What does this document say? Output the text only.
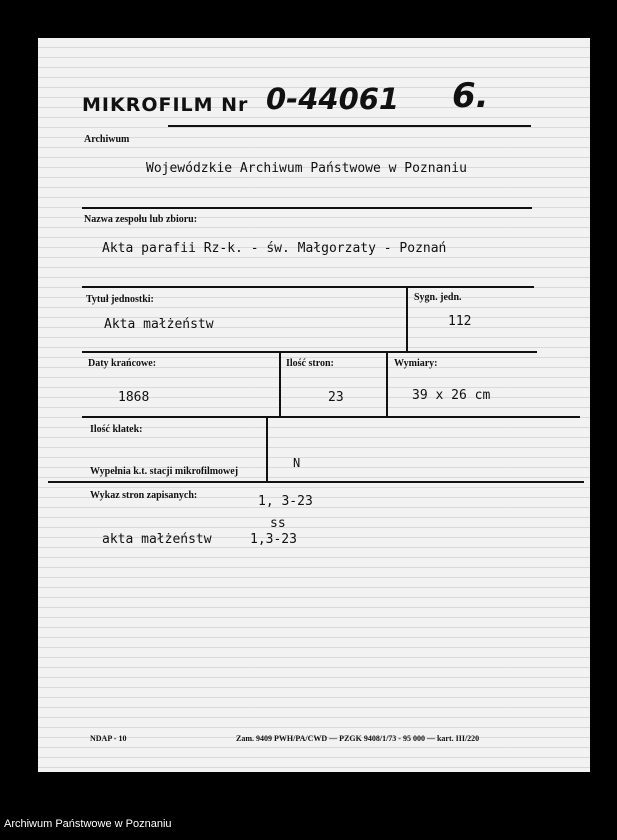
MIKROFILM Nr 0-44061 6.
Archiwum
Wojewódzkie Archiwum Państwowe w Poznaniu
Nazwa zespołu lub zbioru:
Akta parafii Rz-k. - św. Małgorzaty - Poznań
Tytuł jednostki:
Akta małżeństw
Sygn. jedn.
112
Daty krańcowe:
1868
Ilość stron:
23
Wymiary:
39 x 26 cm
Ilość klatek:
Wypełnia k.t. stacji mikrofilmowej
N
Wykaz stron zapisanych:	1, 3-23
ss
akta małżeństw	1,3-23
NDAP - 10	Zam. 9409 PWH/PA/CWD — PZGK 9408/1/73 - 95 000 — kart. III/220
Archiwum Państwowe w Poznaniu
